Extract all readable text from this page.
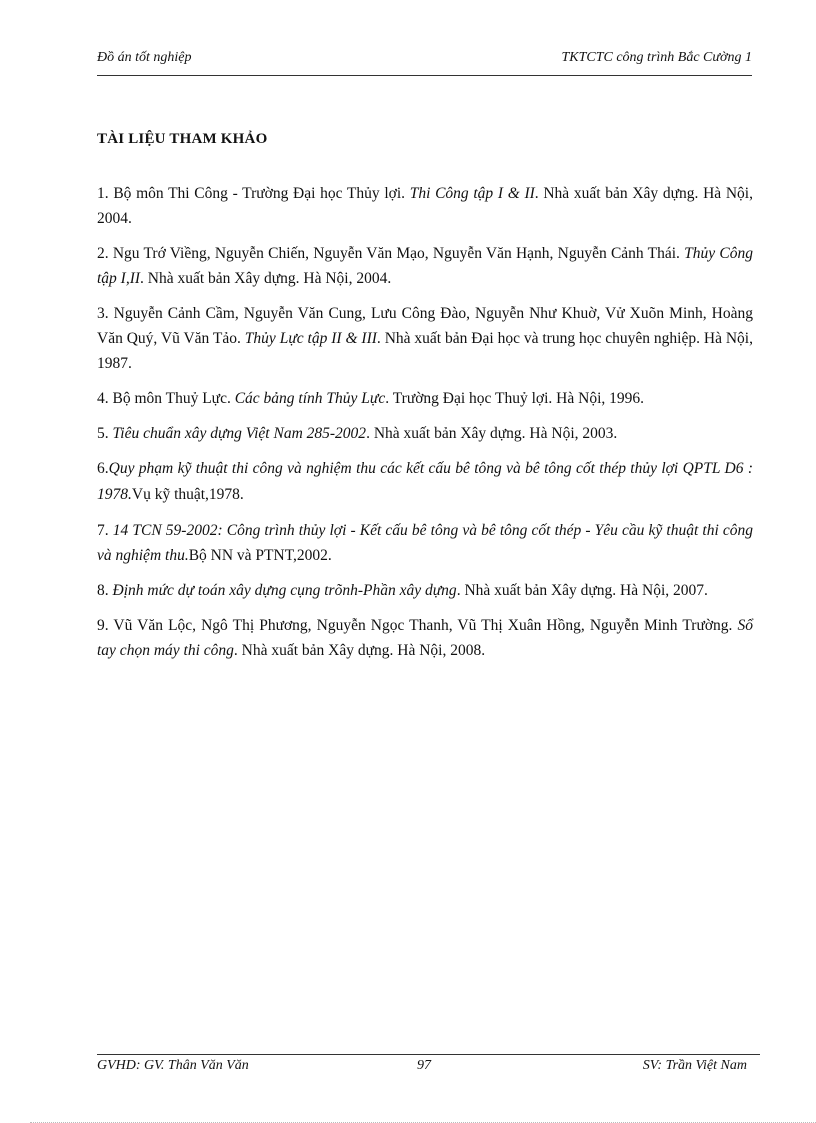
Đồ án tốt nghiệp	TKTCTC công trình Bắc Cường 1
TÀI LIỆU THAM KHẢO

1. Bộ môn Thi Công - Trường Đại học Thủy lợi. Thi Công tập I & II. Nhà xuất bản Xây dựng. Hà Nội, 2004.

2. Ngu Trớ Viềng, Nguyễn Chiến, Nguyễn Văn Mạo, Nguyễn Văn Hạnh, Nguyễn Cảnh Thái. Thủy Công tập I,II. Nhà xuất bản Xây dựng. Hà Nội, 2004.

3. Nguyễn Cảnh Cầm, Nguyễn Văn Cung, Lưu Công Đào, Nguyễn Như Khuờ, Vử Xuõn Minh, Hoàng Văn Quý, Vũ Văn Tảo. Thủy Lực tập II & III. Nhà xuất bản Đại học và trung học chuyên nghiệp. Hà Nội, 1987.

4. Bộ môn Thuỷ Lực. Các bảng tính Thủy Lực. Trường Đại học Thuỷ lợi. Hà Nội, 1996.

5. Tiêu chuẩn xây dựng Việt Nam 285-2002. Nhà xuất bản Xây dựng. Hà Nội, 2003.

6.Quy phạm kỹ thuật thi công và nghiệm thu các kết cấu bê tông và bê tông cốt thép thủy lợi QPTL D6 : 1978.Vụ kỹ thuật,1978.

7. 14 TCN 59-2002: Công trình thủy lợi - Kết cấu bê tông và bê tông cốt thép - Yêu cầu kỹ thuật thi công và nghiệm thu.Bộ NN và PTNT,2002.

8. Định mức dự toán xây dựng cụng trõnh-Phần xây dựng. Nhà xuất bản Xây dựng. Hà Nội, 2007.

9. Vũ Văn Lộc, Ngô Thị Phương, Nguyễn Ngọc Thanh, Vũ Thị Xuân Hồng, Nguyễn Minh Trường. Sổ tay chọn máy thi công. Nhà xuất bản Xây dựng. Hà Nội, 2008.

GVHD: GV. Thân Văn Văn	97	SV: Trần Việt Nam
